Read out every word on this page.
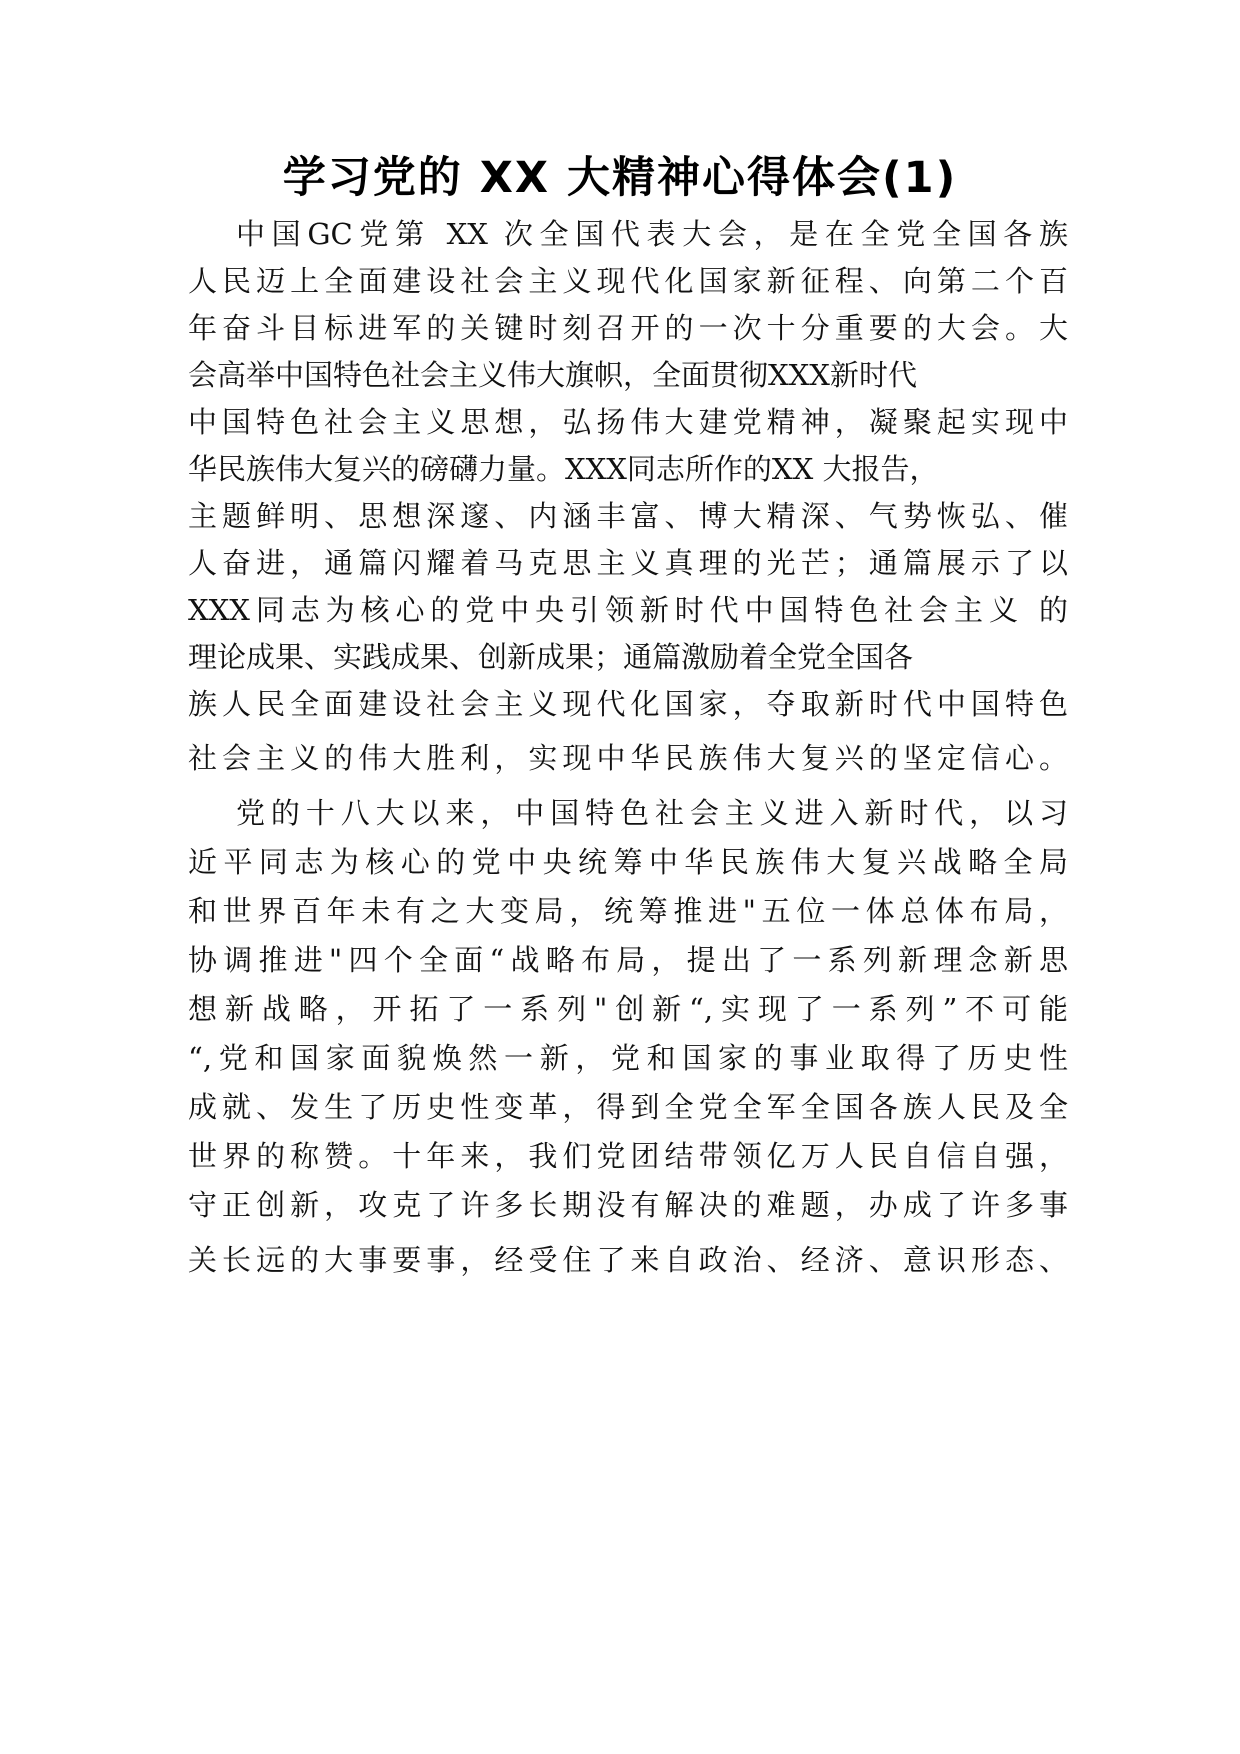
学习党的 XX 大精神心得体会(1)
中国GC党第 XX 次全国代表大会，是在全党全国各族
人民迈上全面建设社会主义现代化国家新征程、向第二个百
年奋斗目标进军的关键时刻召开的一次十分重要的大会。大
会高举中国特色社会主义伟大旗帜，全面贯彻XXX新时代
中国特色社会主义思想，弘扬伟大建党精神，凝聚起实现中
华民族伟大复兴的磅礴力量。XXX同志所作的XX 大报告，
主题鲜明、思想深邃、内涵丰富、博大精深、气势恢弘、催
人奋进，通篇闪耀着马克思主义真理的光芒；通篇展示了以
XXX同志为核心的党中央引领新时代中国特色社会主义 的
理论成果、实践成果、创新成果；通篇激励着全党全国各
族人民全面建设社会主义现代化国家，夺取新时代中国特色
社会主义的伟大胜利，实现中华民族伟大复兴的坚定信心。
党的十八大以来，中国特色社会主义进入新时代，以习
近平同志为核心的党中央统筹中华民族伟大复兴战略全局
和世界百年未有之大变局，统筹推进"五位一体总体布局，
协调推进"四个全面“战略布局，提出了一系列新理念新思
想新战略，开拓了一系列"创新“,实现了一系列”不可能
“,党和国家面貌焕然一新，党和国家的事业取得了历史性
成就、发生了历史性变革，得到全党全军全国各族人民及全
世界的称赞。十年来，我们党团结带领亿万人民自信自强，
守正创新，攻克了许多长期没有解决的难题，办成了许多事
关长远的大事要事，经受住了来自政治、经济、意识形态、
